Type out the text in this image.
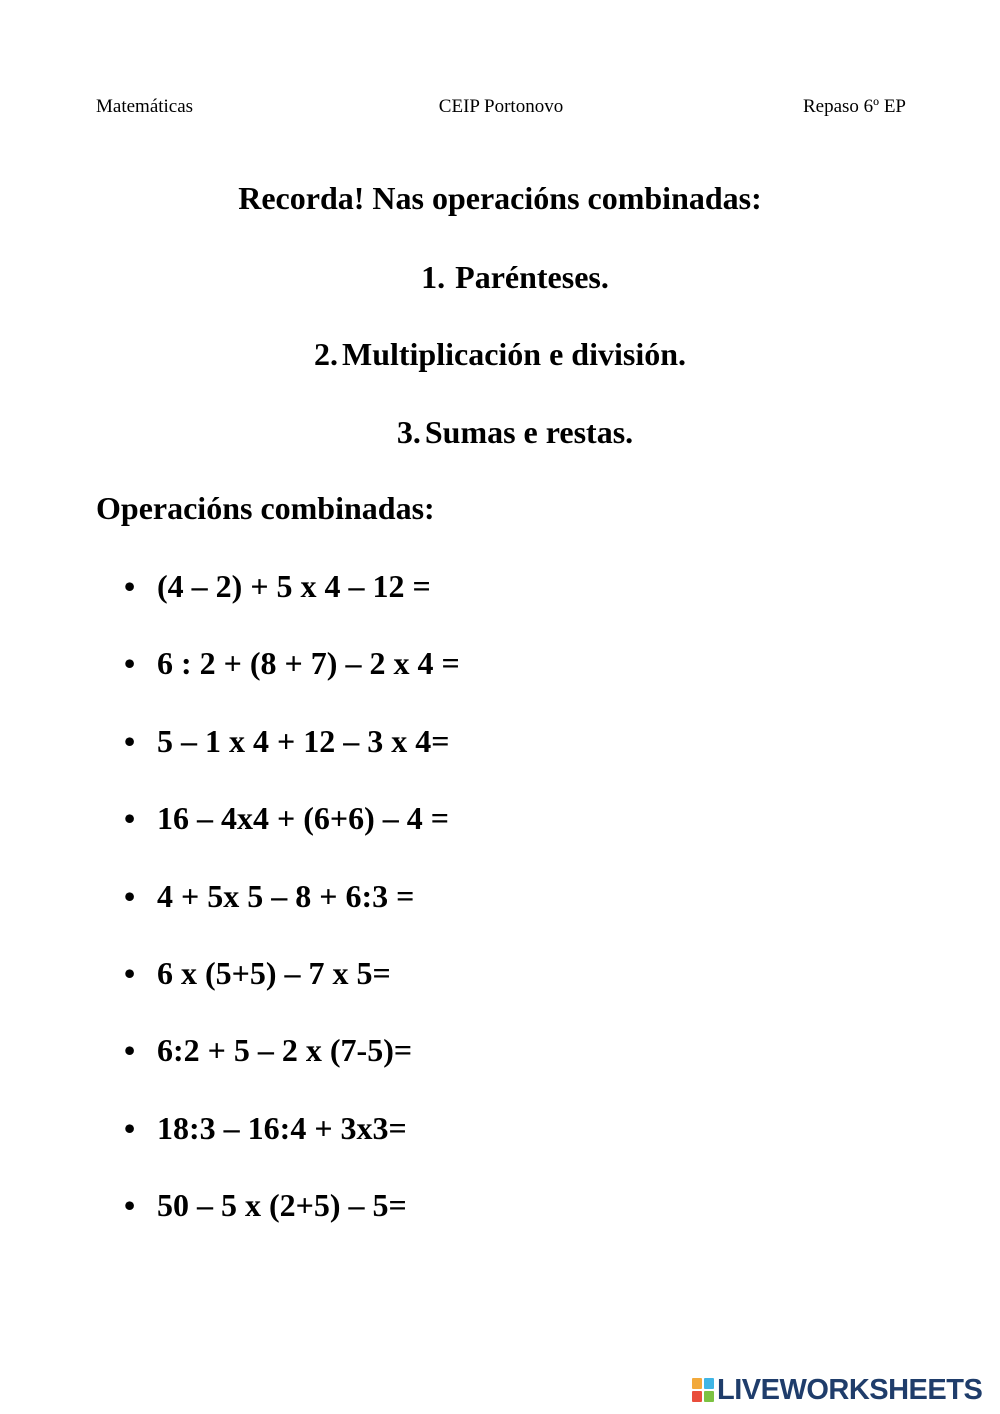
Matemáticas	CEIP Portonovo	Repaso 6º EP
Recorda! Nas operacións combinadas:
1. Parénteses.
2. Multiplicación e división.
3. Sumas e restas.
Operacións combinadas:
• (4 – 2) + 5 x 4 – 12 =
• 6 : 2 + (8 + 7) – 2 x 4 =
• 5 – 1 x 4 + 12 – 3 x 4=
• 16 – 4x4 + (6+6) – 4 =
• 4 + 5x 5 – 8 + 6:3 =
• 6 x (5+5) – 7 x 5=
• 6:2 + 5 – 2 x (7-5)=
• 18:3 – 16:4 + 3x3=
• 50 – 5 x (2+5) – 5=
LIVEWORKSHEETS
